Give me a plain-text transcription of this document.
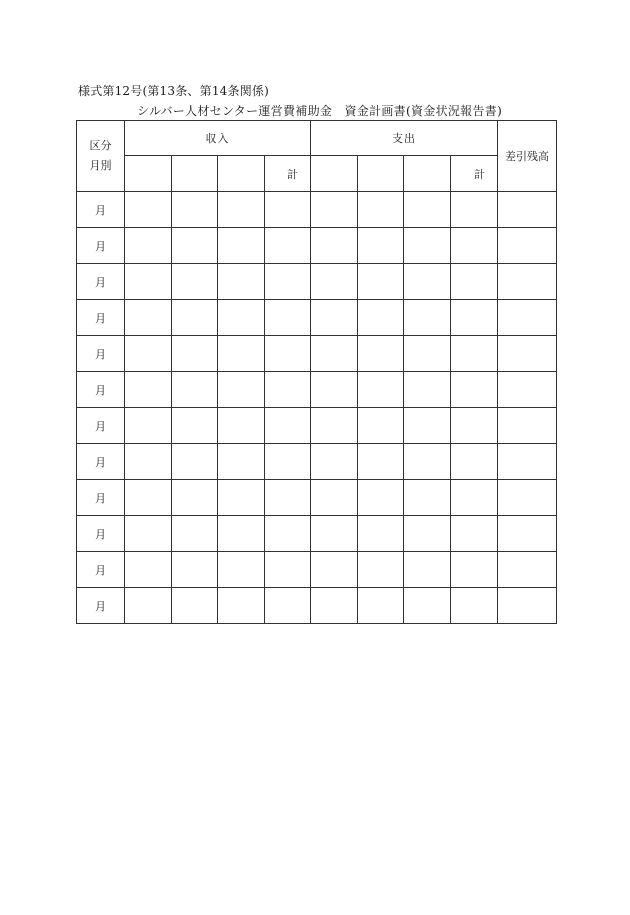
様式第12号(第13条、第14条関係)
シルバー人材センター運営費補助金　資金計画書(資金状況報告書)
区分
月別	収入				支出				差引残高
				計				計	
月									
月									
月									
月									
月									
月									
月									
月									
月									
月									
月									
月									
